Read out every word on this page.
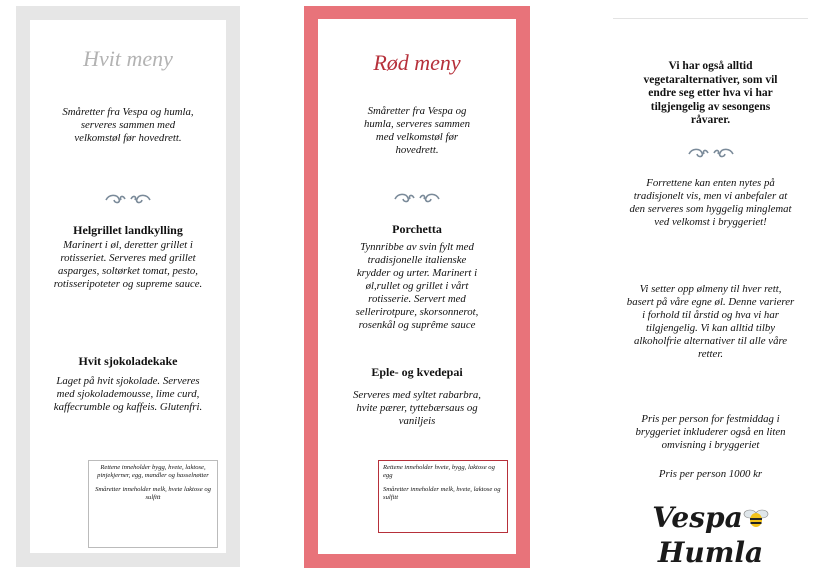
Hvit meny
Småretter fra Vespa og humla, serveres sammen med velkomstøl før hovedrett.
Helgrillet landkylling
Marinert i øl, deretter grillet i rotisseriet. Serveres med grillet asparges, soltørket tomat, pesto, rotisseripoteter og supreme sauce.
Hvit sjokoladekake
Laget på hvit sjokolade. Serveres med sjokolademousse, lime curd, kaffecrumble og kaffeis. Glutenfri.

Rettene inneholder bygg, hvete, laktose, pinjekjerner, egg, mandler og hasselnøtter

Småretter inneholder melk, hvete laktose og sulfitt

Rød meny
Småretter fra Vespa og humla, serveres sammen med velkomstøl før hovedrett.
Porchetta
Tynnribbe av svin fylt med tradisjonelle italienske krydder og urter. Marinert i øl,rullet og grillet i vårt rotisserie. Servert med sellerirotpure, skorsonnerot, rosenkål og suprême sauce
Eple- og kvedepai
Serveres med syltet rabarbra, hvite pærer, tyttebærsaus og vaniljeis

Rettene inneholder hvete, bygg, laktose og egg

Småretter inneholder melk, hvete, laktose og sulfitt

Vi har også alltid vegetaralternativer, som vil endre seg etter hva vi har tilgjengelig av sesongens råvarer.
Forrettene kan enten nytes på tradisjonelt vis, men vi anbefaler at den serveres som hyggelig minglemat ved velkomst i bryggeriet!
Vi setter opp ølmeny til hver rett, basert på våre egne øl. Denne varierer i forhold til årstid og hva vi har tilgjengelig. Vi kan alltid tilby alkoholfrie alternativer til alle våre retter.
Pris per person for festmiddag i bryggeriet inkluderer også en liten omvisning i bryggeriet
Pris per person 1000 kr
VespaHumla
